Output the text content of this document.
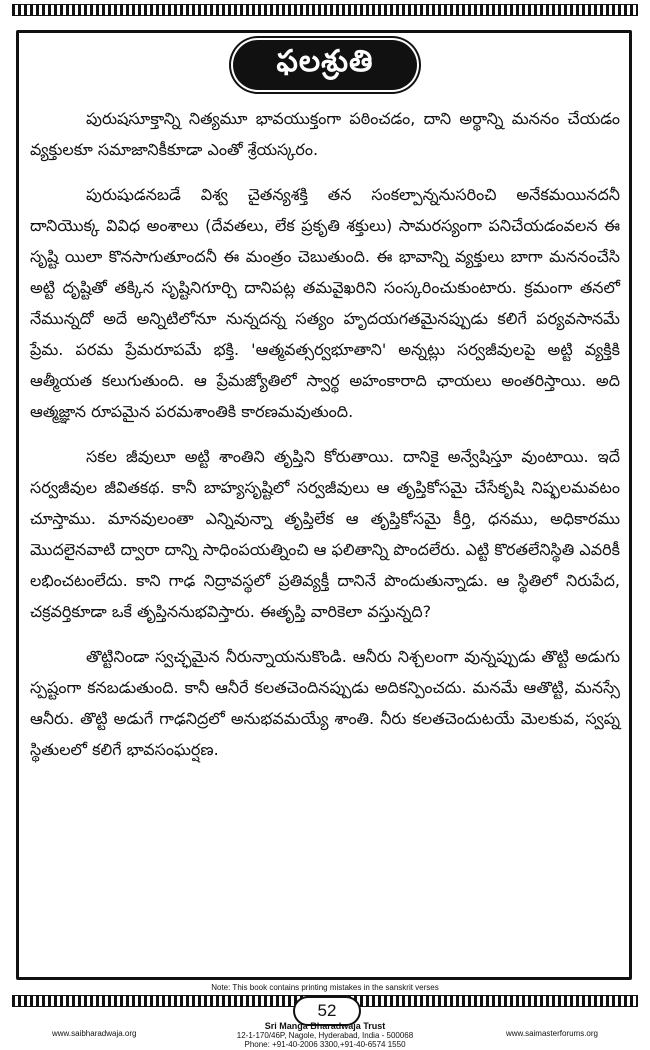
ఫలశ్రుతి

పురుషసూక్తాన్ని నిత్యమూ భావయుక్తంగా పఠించడం, దాని అర్థాన్ని మననం చేయడం వ్యక్తులకూ సమాజానికీకూడా ఎంతో శ్రేయస్కరం.

పురుషుడనబడే విశ్వ చైతన్యశక్తి తన సంకల్పాన్ననుసరించి అనేకమయినదనీ దానియొక్క వివిధ అంశాలు (దేవతలు, లేక ప్రకృతి శక్తులు) సామరస్యంగా పనిచేయడంవలన ఈ సృష్టి యిలా కొనసాగుతూందనీ ఈ మంత్రం చెబుతుంది. ఈ భావాన్ని వ్యక్తులు బాగా మననంచేసి అట్టి దృష్టితో తక్కిన సృష్టినిగూర్చి దానిపట్ల తమవైఖరిని సంస్కరించుకుంటారు. క్రమంగా తనలో నేమున్నదో అదే అన్నిటిలోనూ నున్నదన్న సత్యం హృదయగతమైనప్పుడు కలిగే పర్యవసానమే ప్రేమ. పరమ ప్రేమరూపమే భక్తి. 'ఆత్మవత్సర్వభూతాని' అన్నట్లు సర్వజీవులపై అట్టి వ్యక్తికి ఆత్మీయత కలుగుతుంది. ఆ ప్రేమజ్యోతిలో స్వార్థ అహంకారాది ఛాయలు అంతరిస్తాయి. అది ఆత్మజ్ఞాన రూపమైన పరమశాంతికి కారణమవుతుంది.

సకల జీవులూ అట్టి శాంతిని తృప్తిని కోరుతాయి. దానికై అన్వేషిస్తూ వుంటాయి. ఇదే సర్వజీవుల జీవితకథ. కానీ బాహ్యసృష్టిలో సర్వజీవులు ఆ తృప్తికోసమై చేసేకృషి నిష్ఫలమవటం చూస్తాము. మానవులంతా ఎన్నివున్నా తృప్తిలేక ఆ తృప్తికోసమై కీర్తి, ధనము, అధికారము మొదలైనవాటి ద్వారా దాన్ని సాధింపయత్నించి ఆ ఫలితాన్ని పొందలేరు. ఎట్టి కొరతలేనిస్థితి ఎవరికీ లభించటంలేదు. కాని గాఢ నిద్రావస్థలో ప్రతివ్యక్తీ దానినే పొందుతున్నాడు. ఆ స్థితిలో నిరుపేద, చక్రవర్తికూడా ఒకే తృప్తిననుభవిస్తారు. ఈతృప్తి వారికెలా వస్తున్నది?

తొట్టినిండా స్వచ్ఛమైన నీరున్నాయనుకొండి. ఆనీరు నిశ్చలంగా వున్నప్పుడు తొట్టి అడుగు స్పష్టంగా కనబడుతుంది. కానీ ఆనీరే కలతచెందినప్పుడు అదికన్పించదు. మనమే ఆతొట్టి, మనస్సే ఆనీరు. తొట్టి అడుగే గాఢనిద్రలో అనుభవమయ్యే శాంతి. నీరు కలతచెందుటయే మెలకువ, స్వప్న స్థితులలో కలిగే భావసంఘర్షణ.

Note: This book contains printing mistakes in the sanskrit verses
52
www.saibharadwaja.org
Sri Manga Bharadwaja Trust
12-1-170/46P, Nagole, Hyderabad, India - 500068
Phone: +91-40-2006 3300,+91-40-6574 1550
www.saimasterforums.org
